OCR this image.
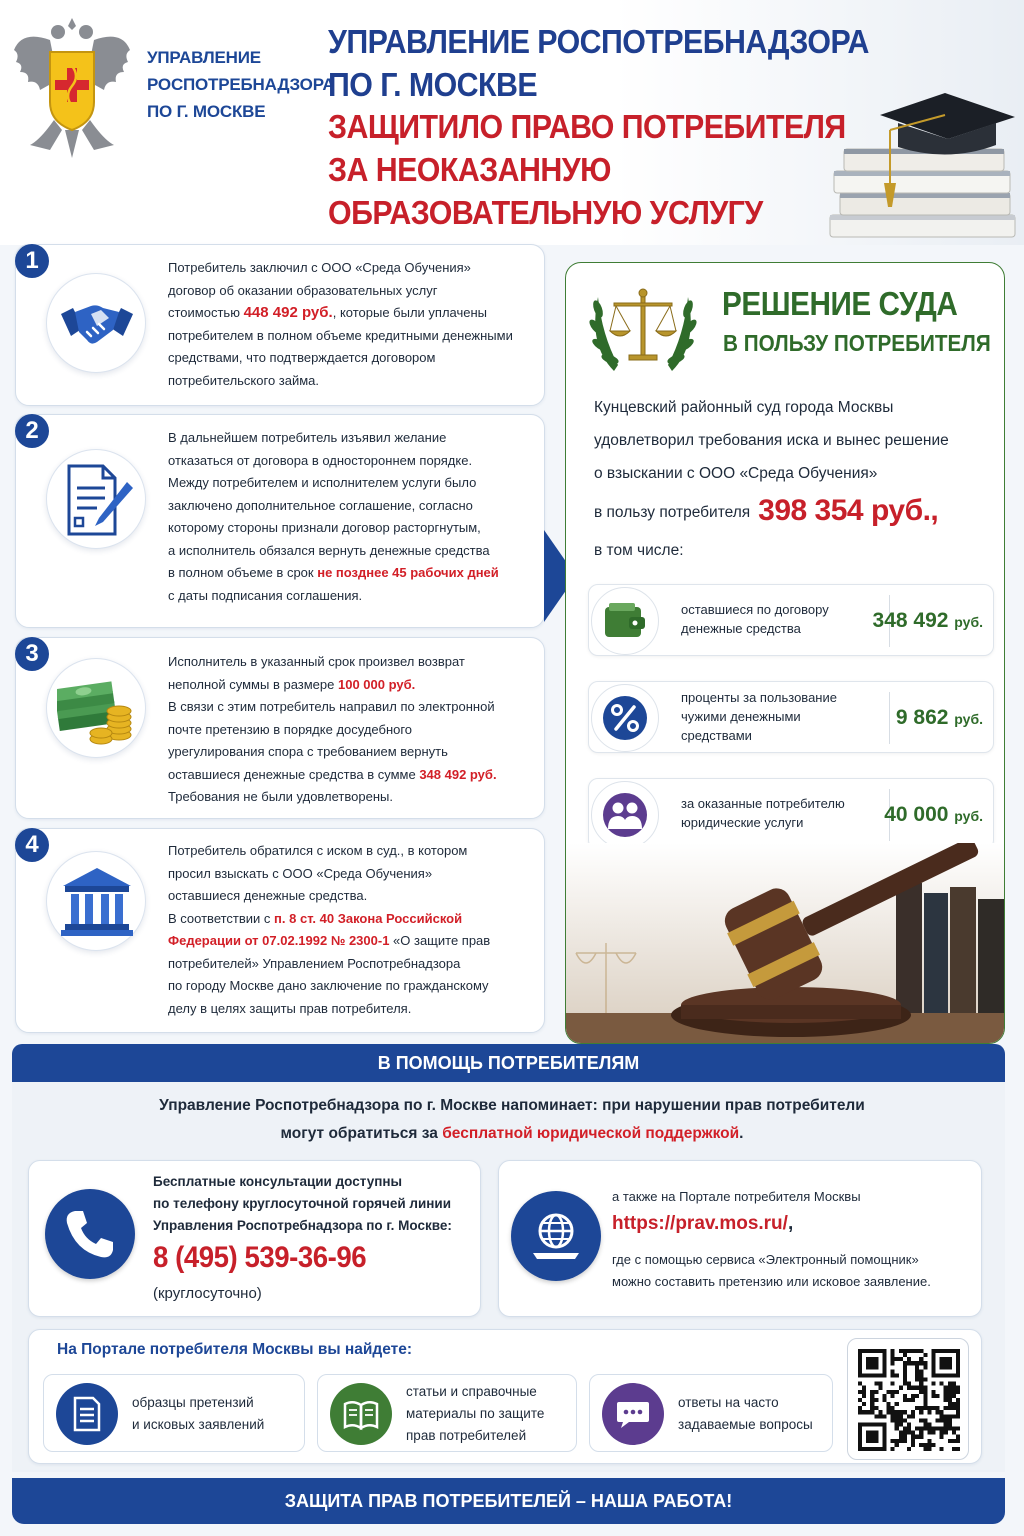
УПРАВЛЕНИЕ
РОСПОТРЕБНАДЗОРА
ПО Г. МОСКВЕ
УПРАВЛЕНИЕ РОСПОТРЕБНАДЗОРА
ПО Г. МОСКВЕ
ЗАЩИТИЛО ПРАВО ПОТРЕБИТЕЛЯ
ЗА НЕОКАЗАННУЮ
ОБРАЗОВАТЕЛЬНУЮ УСЛУГУ
1	Потребитель заключил с ООО «Среда Обучения»
договор об оказании образовательных услуг
стоимостью 448 492 руб., которые были уплачены
потребителем в полном объеме кредитными денежными
средствами, что подтверждается договором
потребительского займа.
2	В дальнейшем потребитель изъявил желание
отказаться от договора в одностороннем порядке.
Между потребителем и исполнителем услуги было
заключено дополнительное соглашение, согласно
которому стороны признали договор расторгнутым,
а исполнитель обязался вернуть денежные средства
в полном объеме в срок не позднее 45 рабочих дней
с даты подписания соглашения.
3	Исполнитель в указанный срок произвел возврат
неполной суммы в размере 100 000 руб.
В связи с этим потребитель направил по электронной
почте претензию в порядке досудебного
урегулирования спора с требованием вернуть
оставшиеся денежные средства в сумме 348 492 руб.
Требования не были удовлетворены.
4	Потребитель обратился с иском в суд., в котором
просил взыскать с ООО «Среда Обучения»
оставшиеся денежные средства.
В соответствии с п. 8 ст. 40 Закона Российской
Федерации от 07.02.1992 № 2300-1 «О защите прав
потребителей» Управлением Роспотребнадзора
по городу Москве дано заключение по гражданскому
делу в целях защиты прав потребителя.
РЕШЕНИЕ СУДА
В ПОЛЬЗУ ПОТРЕБИТЕЛЯ
Кунцевский районный суд города Москвы
удовлетворил требования иска и вынес решение
о взыскании с ООО «Среда Обучения»
в пользу потребителя 398 354 руб.,
в том числе:
оставшиеся по договору
денежные средства	348 492 руб.
проценты за пользование
чужими денежными
средствами
9 862 руб.
за оказанные потребителю
юридические услуги	40 000 руб.
В ПОМОЩЬ ПОТРЕБИТЕЛЯМ
Управление Роспотребнадзора по г. Москве напоминает: при нарушении прав потребители
могут обратиться за бесплатной юридической поддержкой.
Бесплатные консультации доступны
по телефону круглосуточной горячей линии
Управления Роспотребнадзора по г. Москве:
8 (495) 539-36-96
(круглосуточно)
а также на Портале потребителя Москвы
https://prav.mos.ru/,
где с помощью сервиса «Электронный помощник»
можно составить претензию или исковое заявление.
На Портале потребителя Москвы вы найдете:
образцы претензий
и исковых заявлений
статьи и справочные
материалы по защите
прав потребителей
ответы на часто
задаваемые вопросы
ЗАЩИТА ПРАВ ПОТРЕБИТЕЛЕЙ – НАША РАБОТА!
